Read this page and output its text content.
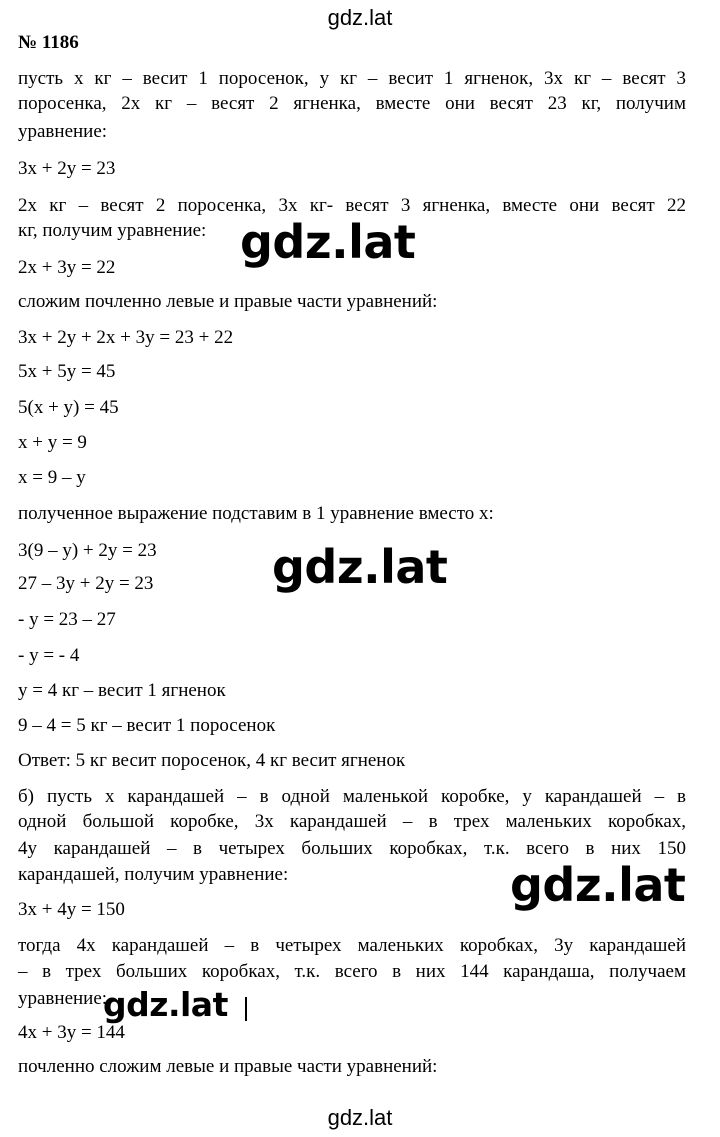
gdz.lat
№ 1186
пусть х кг – весит 1 поросенок, у кг – весит 1 ягненок, 3х кг – весят 3
поросенка, 2х кг – весят 2 ягненка, вместе они весят 23 кг, получим
уравнение:
3х + 2у = 23
2х кг – весят 2 поросенка, 3х кг- весят 3 ягненка, вместе они весят 22
кг, получим уравнение:
2х + 3у = 22
сложим почленно левые и правые части уравнений:
3х + 2у + 2х + 3у = 23 + 22
5х + 5у = 45
5(х + у) = 45
х + у = 9
х = 9 – у
полученное выражение подставим в 1 уравнение вместо х:
3(9 – у) + 2у = 23
27 – 3у + 2у = 23
- у = 23 – 27
- у = - 4
у = 4 кг – весит 1 ягненок
9 – 4 = 5 кг – весит 1 поросенок
Ответ: 5 кг весит поросенок, 4 кг весит ягненок
б) пусть х карандашей – в одной маленькой коробке, у карандашей – в
одной большой коробке, 3х карандашей – в трех маленьких коробках,
4у карандашей – в четырех больших коробках, т.к. всего в них 150
карандашей, получим уравнение:
3х + 4у = 150
тогда 4х карандашей – в четырех маленьких коробках, 3у карандашей
– в трех больших коробках, т.к. всего в них 144 карандаша, получаем
уравнение:
4х + 3у = 144
почленно сложим левые и правые части уравнений:
gdz.lat
gdz.lat
gdz.lat
gdz.lat
gdz.lat
